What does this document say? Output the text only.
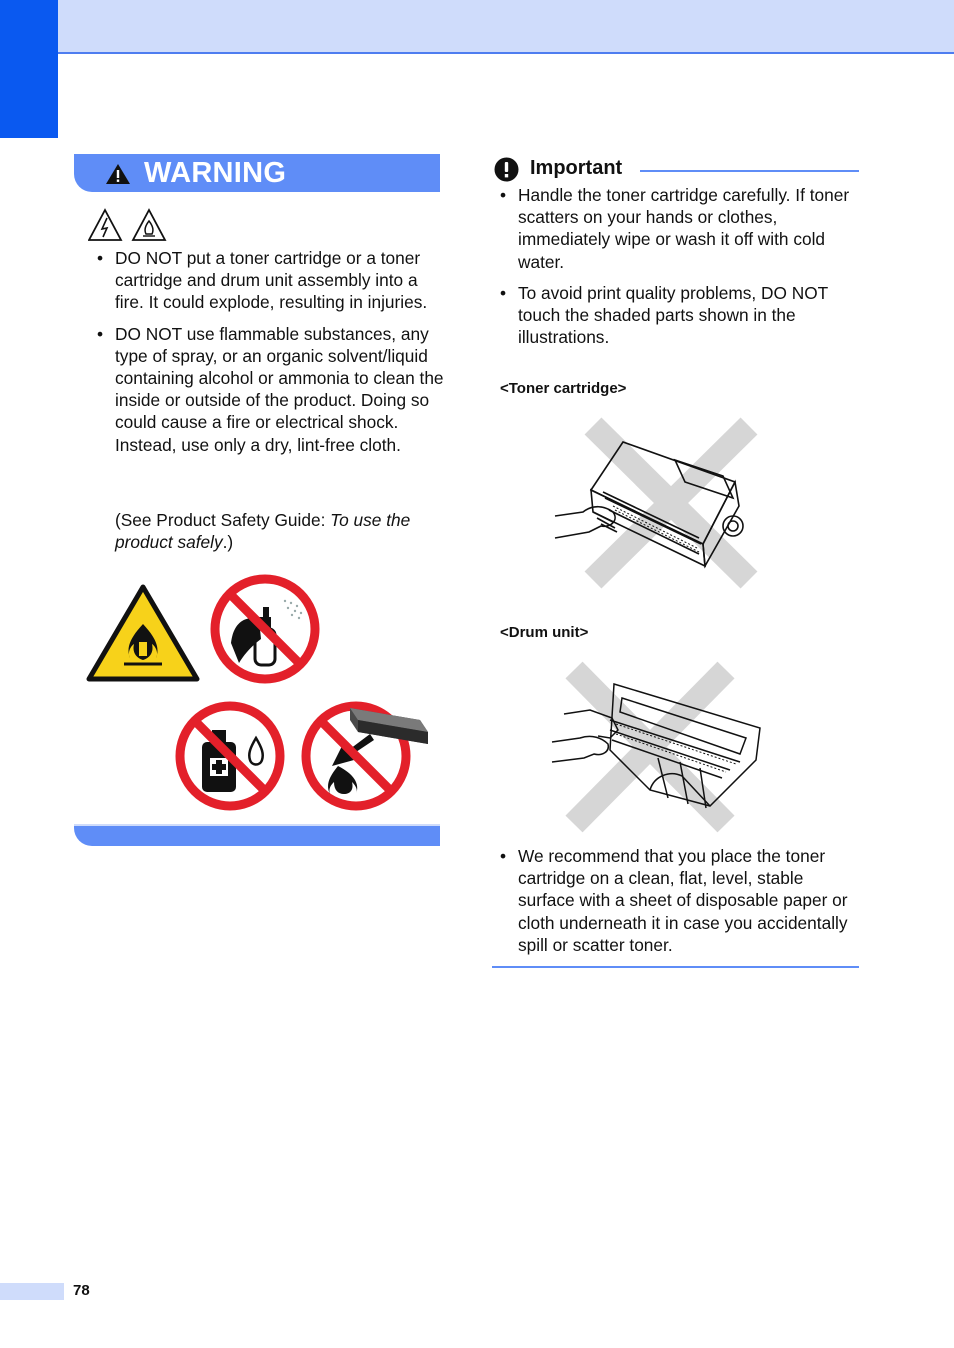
WARNING
• DO NOT put a toner cartridge or a toner cartridge and drum unit assembly into a fire. It could explode, resulting in injuries.
• DO NOT use flammable substances, any type of spray, or an organic solvent/liquid containing alcohol or ammonia to clean the inside or outside of the product. Doing so could cause a fire or electrical shock. Instead, use only a dry, lint-free cloth.
(See Product Safety Guide: To use the product safely.)
Important
• Handle the toner cartridge carefully. If toner scatters on your hands or clothes, immediately wipe or wash it off with cold water.
• To avoid print quality problems, DO NOT touch the shaded parts shown in the illustrations.
<Toner cartridge>
<Drum unit>
• We recommend that you place the toner cartridge on a clean, flat, level, stable surface with a sheet of disposable paper or cloth underneath it in case you accidentally spill or scatter toner.
78
